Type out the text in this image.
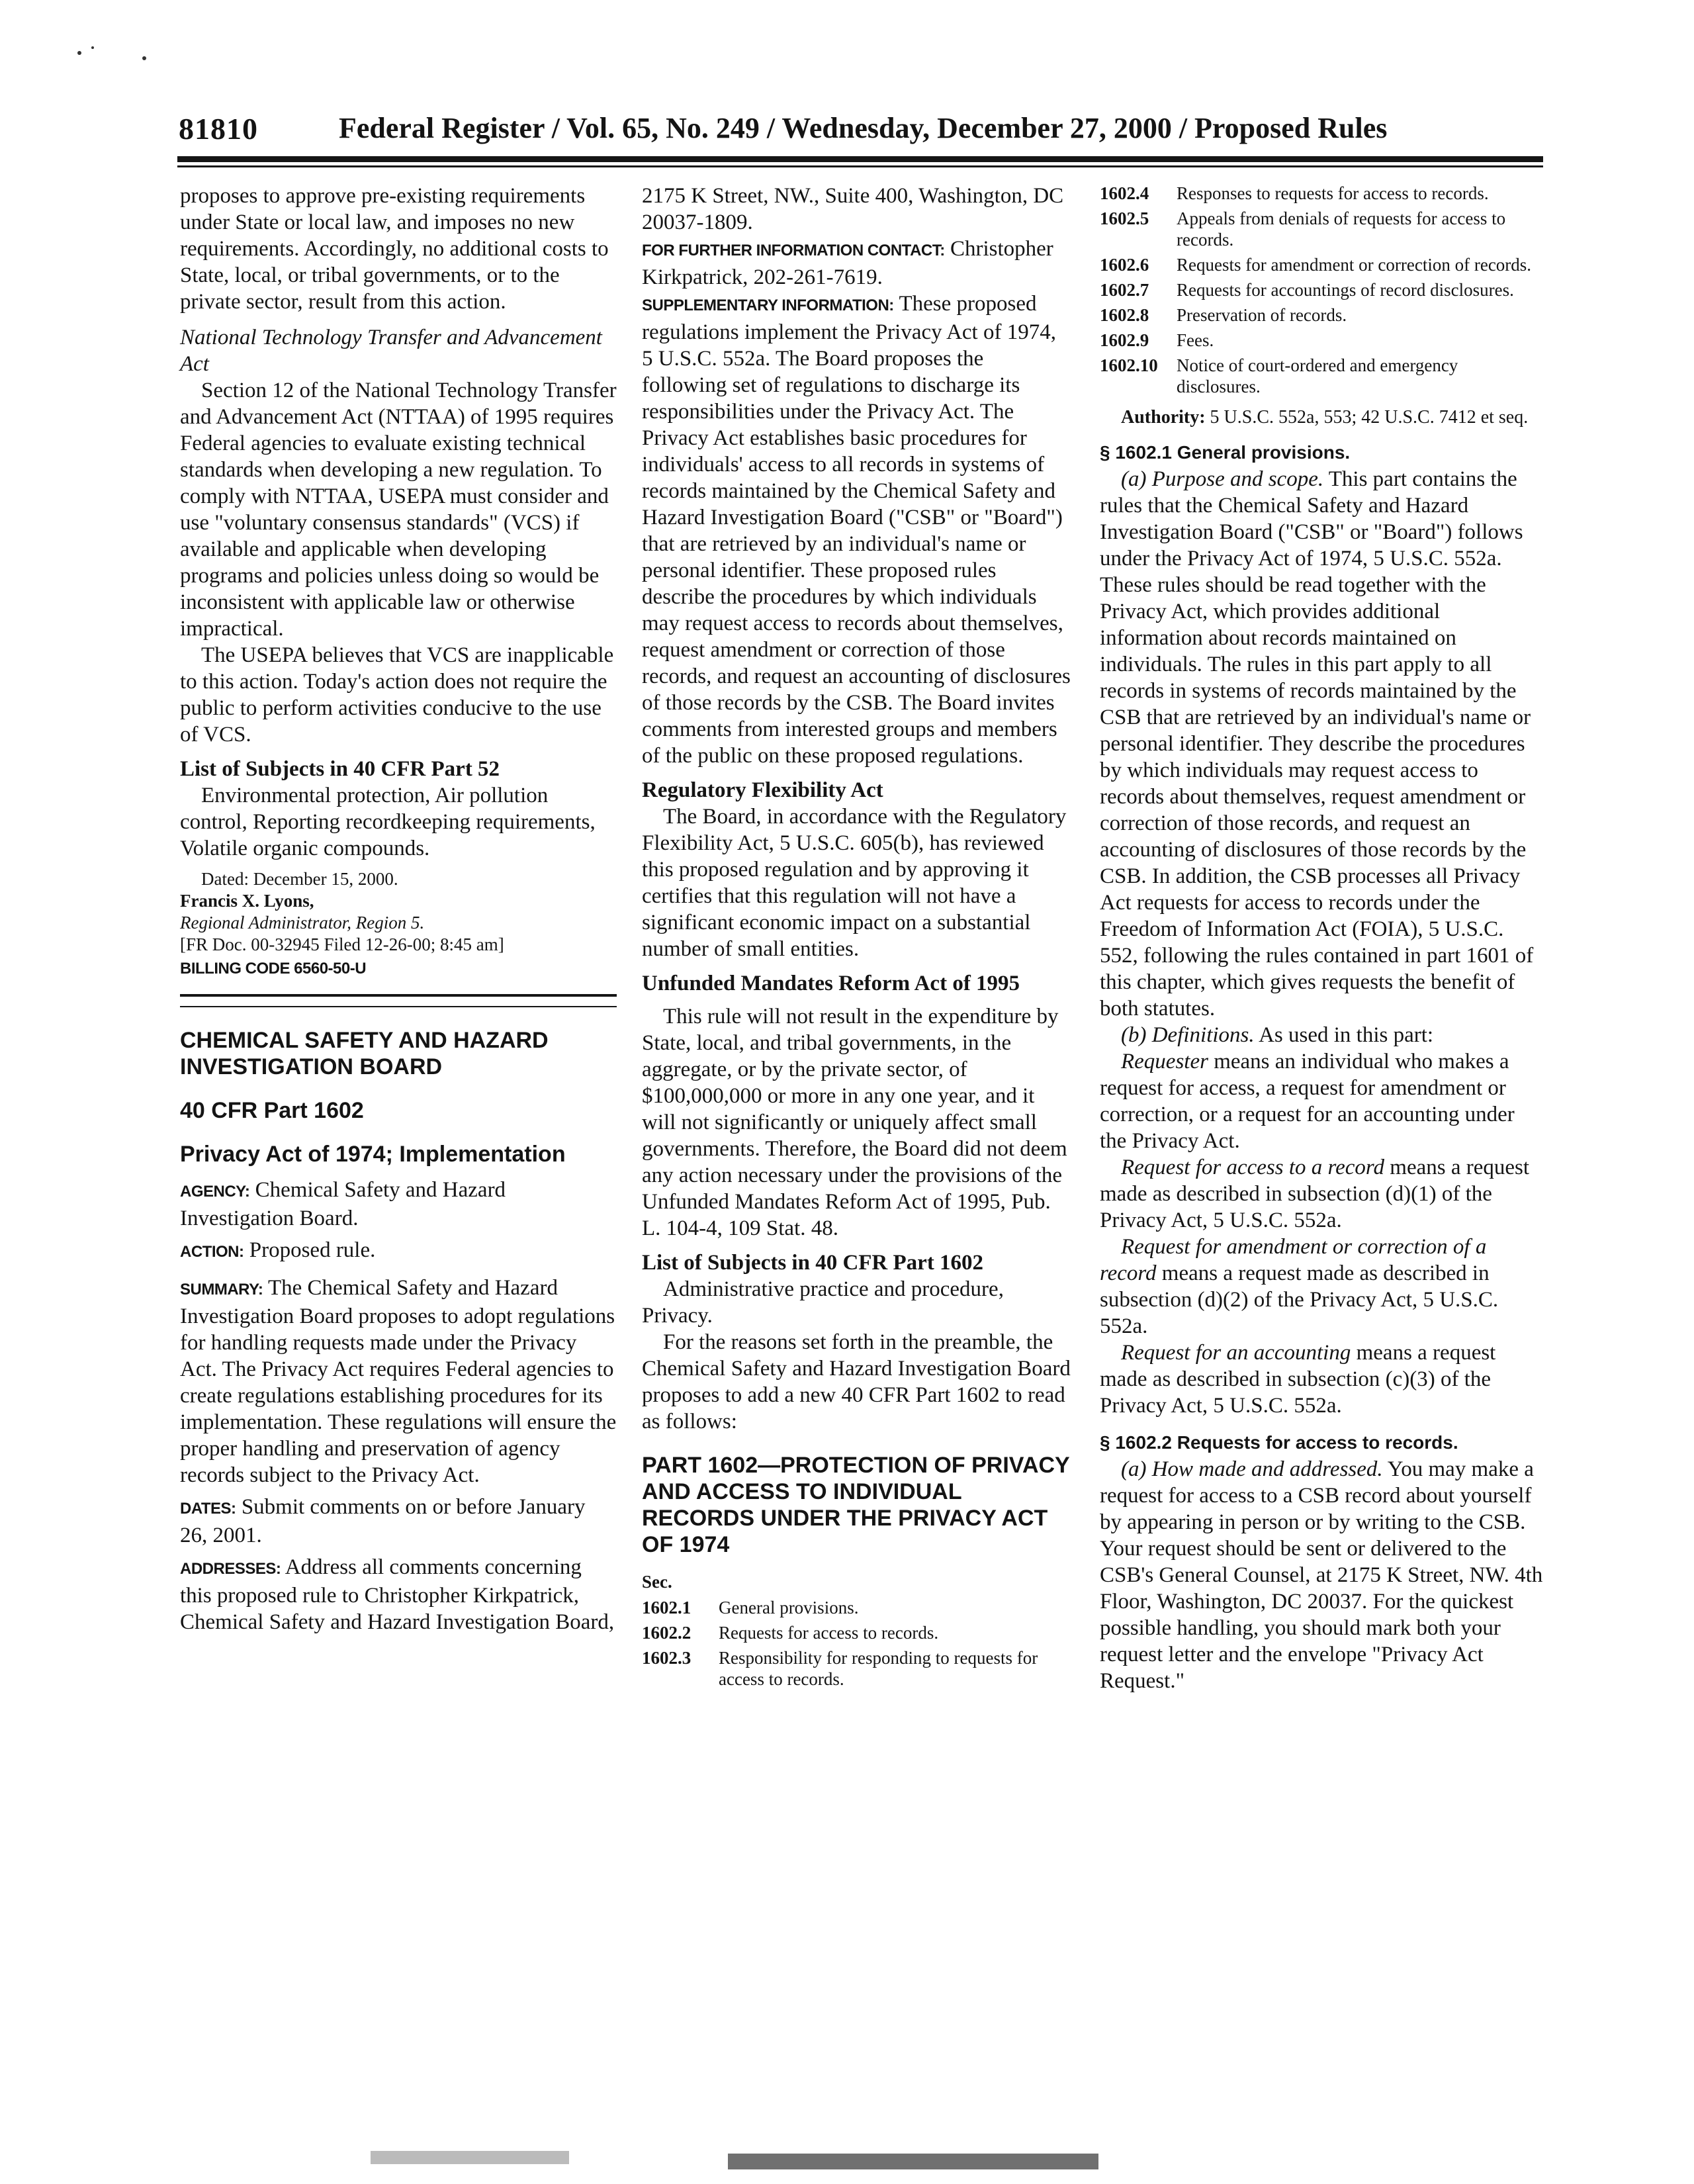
81810	Federal Register / Vol. 65, No. 249 / Wednesday, December 27, 2000 / Proposed Rules

proposes to approve pre-existing requirements under State or local law, and imposes no new requirements. Accordingly, no additional costs to State, local, or tribal governments, or to the private sector, result from this action.

National Technology Transfer and Advancement Act

Section 12 of the National Technology Transfer and Advancement Act (NTTAA) of 1995 requires Federal agencies to evaluate existing technical standards when developing a new regulation. To comply with NTTAA, USEPA must consider and use "voluntary consensus standards" (VCS) if available and applicable when developing programs and policies unless doing so would be inconsistent with applicable law or otherwise impractical.

The USEPA believes that VCS are inapplicable to this action. Today's action does not require the public to perform activities conducive to the use of VCS.

List of Subjects in 40 CFR Part 52

Environmental protection, Air pollution control, Reporting recordkeeping requirements, Volatile organic compounds.

Dated: December 15, 2000.

Francis X. Lyons,

Regional Administrator, Region 5.

[FR Doc. 00-32945 Filed 12-26-00; 8:45 am]

BILLING CODE 6560-50-U

CHEMICAL SAFETY AND HAZARD INVESTIGATION BOARD

40 CFR Part 1602

Privacy Act of 1974; Implementation

AGENCY: Chemical Safety and Hazard Investigation Board.

ACTION: Proposed rule.

SUMMARY: The Chemical Safety and Hazard Investigation Board proposes to adopt regulations for handling requests made under the Privacy Act. The Privacy Act requires Federal agencies to create regulations establishing procedures for its implementation. These regulations will ensure the proper handling and preservation of agency records subject to the Privacy Act.

DATES: Submit comments on or before January 26, 2001.

ADDRESSES: Address all comments concerning this proposed rule to Christopher Kirkpatrick, Chemical Safety and Hazard Investigation Board,

2175 K Street, NW., Suite 400, Washington, DC 20037-1809.

FOR FURTHER INFORMATION CONTACT: Christopher Kirkpatrick, 202-261-7619.

SUPPLEMENTARY INFORMATION: These proposed regulations implement the Privacy Act of 1974, 5 U.S.C. 552a. The Board proposes the following set of regulations to discharge its responsibilities under the Privacy Act. The Privacy Act establishes basic procedures for individuals' access to all records in systems of records maintained by the Chemical Safety and Hazard Investigation Board ("CSB" or "Board") that are retrieved by an individual's name or personal identifier. These proposed rules describe the procedures by which individuals may request access to records about themselves, request amendment or correction of those records, and request an accounting of disclosures of those records by the CSB. The Board invites comments from interested groups and members of the public on these proposed regulations.

Regulatory Flexibility Act

The Board, in accordance with the Regulatory Flexibility Act, 5 U.S.C. 605(b), has reviewed this proposed regulation and by approving it certifies that this regulation will not have a significant economic impact on a substantial number of small entities.

Unfunded Mandates Reform Act of 1995

This rule will not result in the expenditure by State, local, and tribal governments, in the aggregate, or by the private sector, of $100,000,000 or more in any one year, and it will not significantly or uniquely affect small governments. Therefore, the Board did not deem any action necessary under the provisions of the Unfunded Mandates Reform Act of 1995, Pub. L. 104-4, 109 Stat. 48.

List of Subjects in 40 CFR Part 1602

Administrative practice and procedure, Privacy.

For the reasons set forth in the preamble, the Chemical Safety and Hazard Investigation Board proposes to add a new 40 CFR Part 1602 to read as follows:

PART 1602—PROTECTION OF PRIVACY AND ACCESS TO INDIVIDUAL RECORDS UNDER THE PRIVACY ACT OF 1974

Sec.

1602.1	General provisions.
1602.2	Requests for access to records.
1602.3	Responsibility for responding to requests for access to records.
1602.4	Responses to requests for access to records.
1602.5	Appeals from denials of requests for access to records.
1602.6	Requests for amendment or correction of records.
1602.7	Requests for accountings of record disclosures.
1602.8	Preservation of records.
1602.9	Fees.
1602.10	Notice of court-ordered and emergency disclosures.

Authority: 5 U.S.C. 552a, 553; 42 U.S.C. 7412 et seq.

§ 1602.1 General provisions.

(a) Purpose and scope. This part contains the rules that the Chemical Safety and Hazard Investigation Board ("CSB" or "Board") follows under the Privacy Act of 1974, 5 U.S.C. 552a. These rules should be read together with the Privacy Act, which provides additional information about records maintained on individuals. The rules in this part apply to all records in systems of records maintained by the CSB that are retrieved by an individual's name or personal identifier. They describe the procedures by which individuals may request access to records about themselves, request amendment or correction of those records, and request an accounting of disclosures of those records by the CSB. In addition, the CSB processes all Privacy Act requests for access to records under the Freedom of Information Act (FOIA), 5 U.S.C. 552, following the rules contained in part 1601 of this chapter, which gives requests the benefit of both statutes.

(b) Definitions. As used in this part:

Requester means an individual who makes a request for access, a request for amendment or correction, or a request for an accounting under the Privacy Act.

Request for access to a record means a request made as described in subsection (d)(1) of the Privacy Act, 5 U.S.C. 552a.

Request for amendment or correction of a record means a request made as described in subsection (d)(2) of the Privacy Act, 5 U.S.C. 552a.

Request for an accounting means a request made as described in subsection (c)(3) of the Privacy Act, 5 U.S.C. 552a.

§ 1602.2 Requests for access to records.

(a) How made and addressed. You may make a request for access to a CSB record about yourself by appearing in person or by writing to the CSB. Your request should be sent or delivered to the CSB's General Counsel, at 2175 K Street, NW. 4th Floor, Washington, DC 20037. For the quickest possible handling, you should mark both your request letter and the envelope "Privacy Act Request."
